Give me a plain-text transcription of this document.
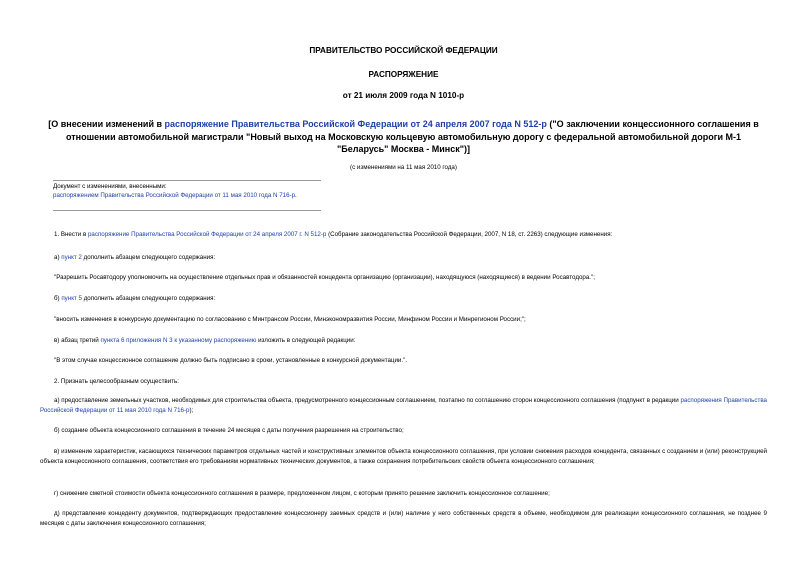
ПРАВИТЕЛЬСТВО РОССИЙСКОЙ ФЕДЕРАЦИИ
РАСПОРЯЖЕНИЕ
от 21 июля 2009 года N 1010-р
[О внесении изменений в распоряжение Правительства Российской Федерации от 24 апреля 2007 года N 512-р ("О заключении концессионного соглашения в отношении автомобильной магистрали "Новый выход на Московскую кольцевую автомобильную дорогу с федеральной автомобильной дороги М-1 "Беларусь" Москва - Минск")]
(с изменениями на 11 мая 2010 года)
Документ с изменениями, внесенными:
распоряжением Правительства Российской Федерации от 11 мая 2010 года N 716-р.
1. Внести в распоряжение Правительства Российской Федерации от 24 апреля 2007 г. N 512-р (Собрание законодательства Российской Федерации, 2007, N 18, ст. 2263) следующие изменения:
а) пункт 2 дополнить абзацем следующего содержания:
"Разрешить Росавтодору уполномочить на осуществление отдельных прав и обязанностей концедента организацию (организации), находящуюся (находящиеся) в ведении Росавтодора.";
б) пункт 5 дополнить абзацем следующего содержания:
"вносить изменения в конкурсную документацию по согласованию с Минтрансом России, Минэкономразвития России, Минфином России и Минрегионом России;";
в) абзац третий пункта 6 приложения N 3 к указанному распоряжению изложить в следующей редакции:
"В этом случае концессионное соглашение должно быть подписано в сроки, установленные в конкурсной документации.".
2. Признать целесообразным осуществить:
а) предоставление земельных участков, необходимых для строительства объекта, предусмотренного концессионным соглашением, поэтапно по соглашению сторон концессионного соглашения (подпункт в редакции распоряжения Правительства Российской Федерации от 11 мая 2010 года N 716-р);
б) создание объекта концессионного соглашения в течение 24 месяцев с даты получения разрешения на строительство;
в) изменение характеристик, касающихся технических параметров отдельных частей и конструктивных элементов объекта концессионного соглашения, при условии снижения расходов концедента, связанных с созданием и (или) реконструкцией объекта концессионного соглашения, соответствия его требованиям нормативных технических документов, а также сохранения потребительских свойств объекта концессионного соглашения;
г) снижение сметной стоимости объекта концессионного соглашения в размере, предложенном лицом, с которым принято решение заключить концессионное соглашение;
д) представление концеденту документов, подтверждающих предоставление концессионеру заемных средств и (или) наличие у него собственных средств в объеме, необходимом для реализации концессионного соглашения, не позднее 9 месяцев с даты заключения концессионного соглашения;
